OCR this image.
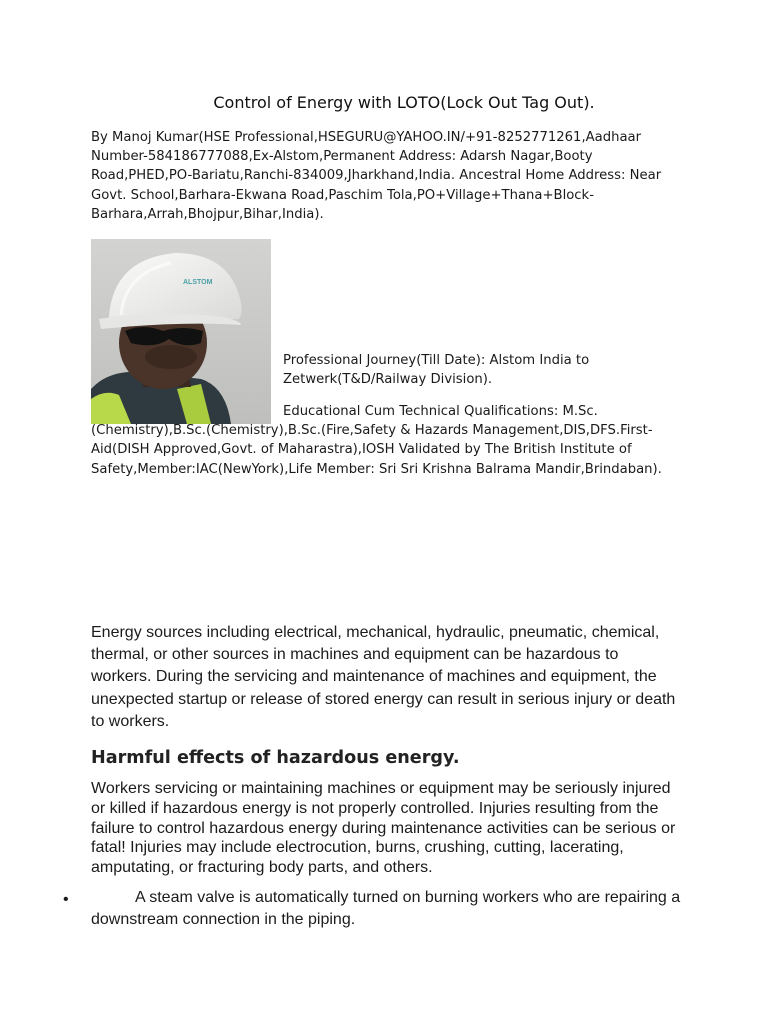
Control of Energy with LOTO(Lock Out Tag Out).

By Manoj Kumar(HSE Professional,HSEGURU@YAHOO.IN/+91-8252771261,Aadhaar Number-584186777088,Ex-Alstom,Permanent Address: Adarsh Nagar,Booty Road,PHED,PO-Bariatu,Ranchi-834009,Jharkhand,India. Ancestral Home Address: Near Govt. School,Barhara-Ekwana Road,Paschim Tola,PO+Village+Thana+Block-Barhara,Arrah,Bhojpur,Bihar,India).

ALSTOM

Professional Journey(Till Date): Alstom India to Zetwerk(T&D/Railway Division).

Educational Cum Technical Qualifications: M.Sc.(Chemistry),B.Sc.(Chemistry),B.Sc.(Fire,Safety & Hazards Management,DIS,DFS.First-Aid(DISH Approved,Govt. of Maharastra),IOSH Validated by The British Institute of Safety,Member:IAC(NewYork),Life Member: Sri Sri Krishna Balrama Mandir,Brindaban).

Energy sources including electrical, mechanical, hydraulic, pneumatic, chemical, thermal, or other sources in machines and equipment can be hazardous to workers. During the servicing and maintenance of machines and equipment, the unexpected startup or release of stored energy can result in serious injury or death to workers.

Harmful effects of hazardous energy.

Workers servicing or maintaining machines or equipment may be seriously injured or killed if hazardous energy is not properly controlled. Injuries resulting from the failure to control hazardous energy during maintenance activities can be serious or fatal! Injuries may include electrocution, burns, crushing, cutting, lacerating, amputating, or fracturing body parts, and others.

•	A steam valve is automatically turned on burning workers who are repairing a downstream connection in the piping.
